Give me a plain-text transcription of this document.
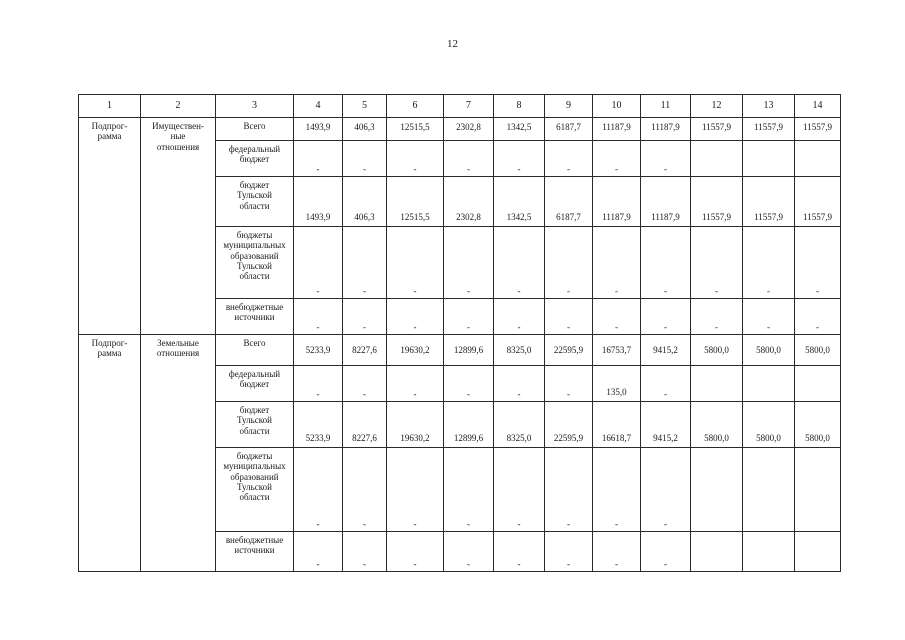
12
1	2	3	4	5	6	7	8	9	10	11	12	13	14
Подпрог-
рамма	Имуществен-
ные
отношения	Всего	1493,9	406,3	12515,5	2302,8	1342,5	6187,7	11187,9	11187,9	11557,9	11557,9	11557,9
		федеральный
бюджет	-	-	-	-	-	-	-	-			
		бюджет
Тульской
области	1493,9	406,3	12515,5	2302,8	1342,5	6187,7	11187,9	11187,9	11557,9	11557,9	11557,9
		бюджеты
муниципальных
образований
Тульской
области	-	-	-	-	-	-	-	-	-	-	-
		внебюджетные
источники	-	-	-	-	-	-	-	-	-	-	-
Подпрог-
рамма	Земельные
отношения	Всего	5233,9	8227,6	19630,2	12899,6	8325,0	22595,9	16753,7	9415,2	5800,0	5800,0	5800,0
		федеральный
бюджет	-	-	-	-	-	-	135,0	-			
		бюджет
Тульской
области	5233,9	8227,6	19630,2	12899,6	8325,0	22595,9	16618,7	9415,2	5800,0	5800,0	5800,0
		бюджеты
муниципальных
образований
Тульской
области	-	-	-	-	-	-	-	-			
		внебюджетные
источники	-	-	-	-	-	-	-	-			
